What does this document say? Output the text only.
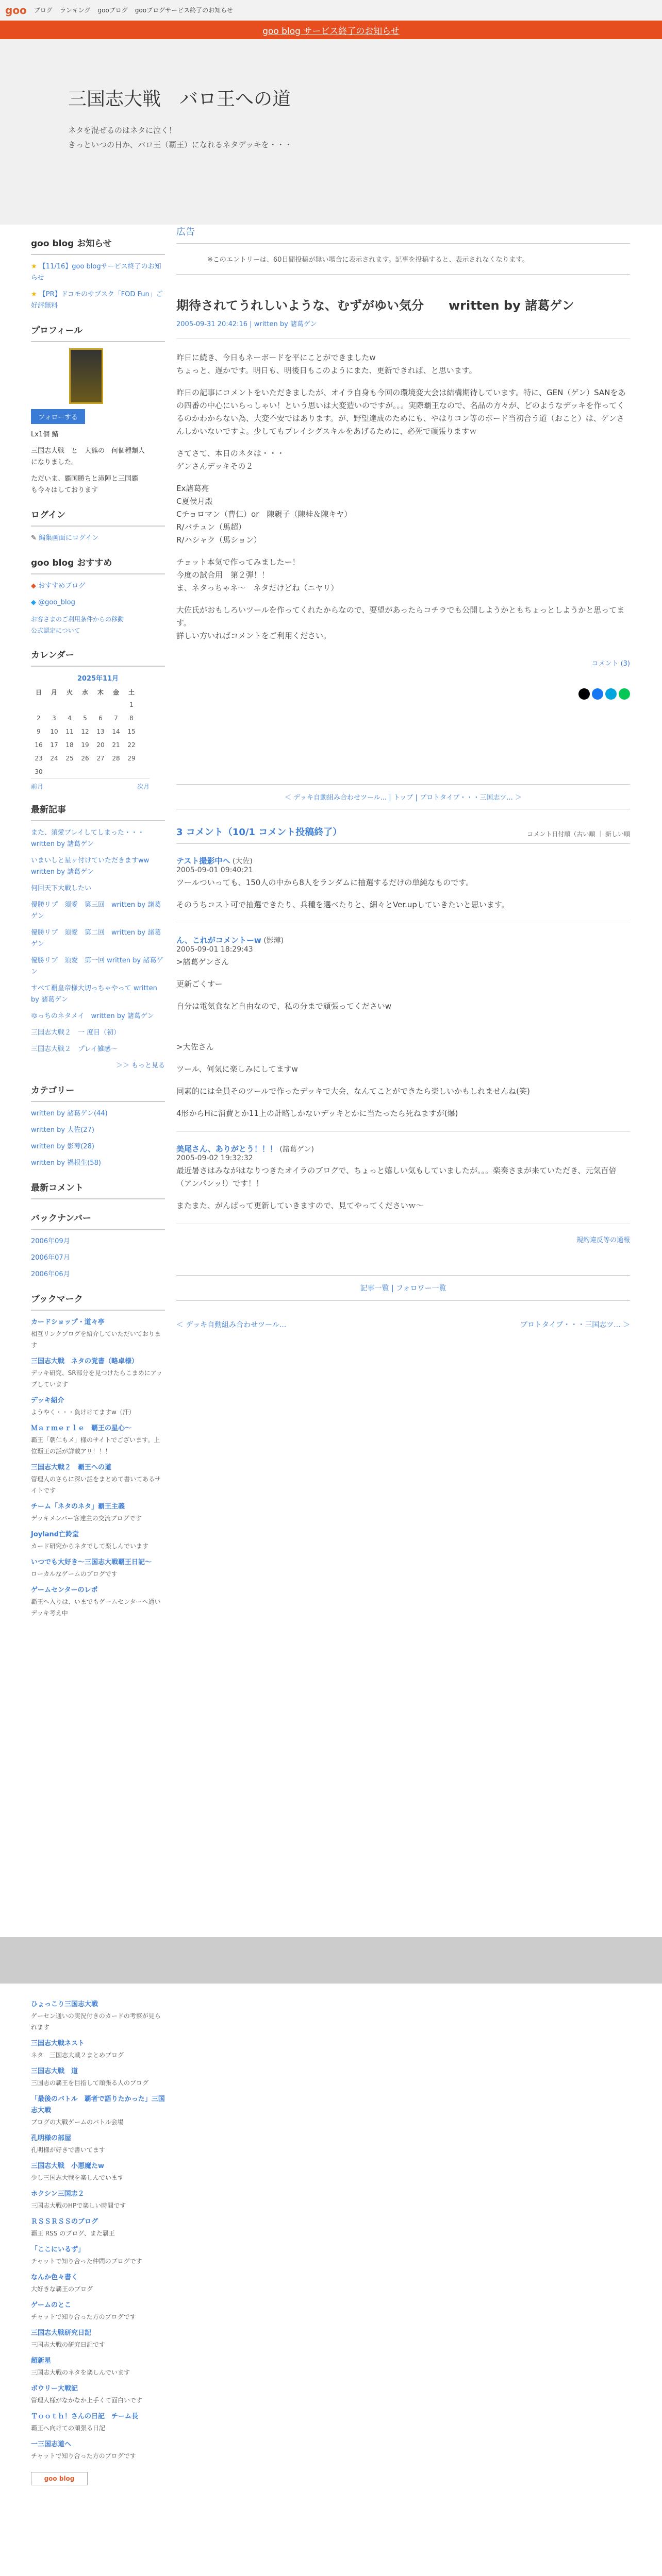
goo ブログ ランキング gooブログ gooブログサービス終了のお知らせ
goo blog サービス終了のお知らせ
三国志大戦　バロ王への道

ネタを混ぜるのはネタに泣く！

きっといつの日か、バロ王（覇王）になれるネタデッキを・・・

goo blog お知らせ
★ 【11/16】goo blogサービス終了のお知らせ
★ 【PR】ドコモのサブスク「FOD Fun」ご好評無料
プロフィール
フォローする
Lx1個 鯖
三国志大戦　と　大熊の　何個種類人
になりました。
ただいま、覇国勝ちと滝陣と三国覇
も今々はしております
ログイン
✎ 編集画面にログイン
goo blog おすすめ
◆ おすすめブログ
◆ @goo_blog
お客さまのご利用条件からの移動
公式認定について
カレンダー
2025年11月
日	月	火	水	木	金	土
						1
2	3	4	5	6	7	8
9	10	11	12	13	14	15
16	17	18	19	20	21	22
23	24	25	26	27	28	29
30						
前月	次月
最新記事
また、須愛プレイしてしまった・・・　written by 諸葛ゲン
いまいしと星ヶ付けていただきますww written by 諸葛ゲン
何回天下大戦したい
優勝リプ　須愛　第三回　written by 諸葛ゲン
優勝リプ　須愛　第二回　written by 諸葛ゲン
優勝リプ　須愛　第一回 written by 諸葛ゲン
すべて覇皇帝様大切っちゃやって written by 諸葛ゲン
ゆっちのネタメイ　written by 諸葛ゲン
三国志大戦２　一 度目（初）
三国志大戦２　プレイ雑感～
＞＞ もっと見る
カテゴリー
written by 諸葛ゲン(44)
written by 大佐(27)
written by 影薄(28)
written by 禍根生(58)
最新コメント
バックナンバー
2006年09月
2006年07月
2006年06月
ブックマーク
カードショップ・道々亭
相互リンクブログを紹介していただいております
三国志大戦　ネタの覚書（略卓様）
デッキ研究、SR部分を見つけたらこまめにアップしています
デッキ紹介
ようやく・・・負けけてますw（汗）
Ｍａｒｍｅｒｌｅ　覇王の星心～
覇王「朝仁もメ」様のサイトでございます。上位覇王の話が詳載アリ！！！
三国志大戦２　覇王への道
管理人のさらに深い話をまとめて書いてあるサイトです
チーム「ネタのネタ」覇王主義
デッキメンバー客達主の交流ブログです
Joyland亡鈴堂
カード研究からネタでして楽しんでいます
いつでも大好き～三国志大戦覇王日記～
ローカルなゲームのブログです
ゲームセンターのレポ
覇王へ入りは、いまでもゲームセンターへ通いデッキ考え中
広告
※このエントリーは、60日間投稿が無い場合に表示されます。記事を投稿すると、表示されなくなります。
期待されてうれしいような、むずがゆい気分　　written by 諸葛ゲン
2005-09-31 20:42:16 | written by 諸葛ゲン

昨日に続き、今日もネーボードを平にことができましたw

ちょっと、遅かです。明日も、明後日もこのようにまた、更新できれば、と思います。

昨日の記事にコメントをいただきましたが、オイラ自身も今回の環境変大会は結構期待しています。特に、GEN（ゲン）SANをあの四番の中心にいらっしゃい！という思いは大変造いのですが。。。実際覇王なので、名品の方々が、どのようなデッキを作ってくるのかわからない為、大変不安ではあります。が、野望達成のためにも、やはりコン等のボード当初合う道（おこと）は、ゲンさんしかいないですよ。少してもプレイシグスキルをあげるために、必死で頑張りますｗ

さてさて、本日のネタは・・・

ゲンさんデッキその２

Ex諸葛亮

C夏侯月殿

Cチョロマン（曹仁）or　陳親子（陳桂＆陳キヤ）

R/バチュン（馬超）

R/ハシャク（馬ション）

チョット本気で作ってみましたー！

今度の試合用　第２弾！！

ま、ネタっちゃネ～　ネタだけどね（ニヤリ）

大佐氏がおもしろいツールを作ってくれたからなので、要望があったらコチラでも公開しようかともちょっとしようかと思ってます。

詳しい方いればコメントをご利用ください。

コメント (3)
＜ デッキ自動組み合わせツール... | トップ | プロトタイプ・・・三国志ツ... ＞
3 コメント（10/1 コメント投稿終了）	コメント日付順（古い順 ｜ 新しい順
テスト撮影中へ (大佐)
2005-09-01 09:40:21

ツールついっても、150人の中から8人をランダムに抽選するだけの単純なものです。

そのうちコスト可で抽選できたり、兵種を選べたりと、細々とVer.upしていきたいと思います。

ん、これがコメントーw (影薄)
2005-09-01 18:29:43

>諸葛ゲンさん

更新ごくすー

自分は電気食など自由なので、私の分まで頑張ってくださいw

>大佐さん

ツール、何気に楽しみにしてますw

同素的には全員そのツールで作ったデッキで大会、なんてことができたら楽しいかもしれませんね(笑)

4形からHに消費とか11上の計略しかないデッキとかに当たったら死ねますが(爆)

美尾さん、ありがとう！！！ (諸葛ゲン)
2005-09-02 19:32:32

最近暑さはみながはなりつきたオイラのブログで、ちょっと嬉しい気もしていましたが。。。楽奏さまが来ていただき、元気百倍（アンパンッ!）です！！

またまた、がんばって更新していきますので、見てやってくださいｗ～

規約違反等の通報
記事一覧 | フォロワー一覧
＜ デッキ自動組み合わせツール...	プロトタイプ・・・三国志ツ... ＞
ひょっこり三国志大戦
ゲーセン通いの実況付きのカードの考察が見られます
三国志大戦ネスト
ネタ　三国志大戦２まとめブログ
三国志大戦　道
三国志の覇王を目指して頑張る人のブログ
「最後のバトル　覇者で語りたかった」三国志大戦
ブログの大戦ゲームのバトル会場
孔明様の部屋
孔明様が好きで書いてます
三国志大戦　小悪魔たw
少し三国志大戦を楽しんでいます
ホクシン三国志２
三国志大戦のHPで楽しい時間です
ＲＳＳＲＳＳのブログ
覇王 RSS のブログ、また覇王
「ここにいるず」
チャットで知り合った仲間のブログです
なんか色々書く
大好きな覇王のブログ
ゲームのとこ
チャットで知り合った方のブログです
三国志大戦研究日記
三国志大戦の研究日記です
超新星
三国志大戦のネタを楽しんでいます
ボウリー大戦記
管理人様がなかなか上手くて面白いです
Ｔｏｏｔｈ！さんの日記　チーム長
覇王へ向けての頑張る日記
一三国志道へ
チャットで知り合った方のブログです
goo blog
